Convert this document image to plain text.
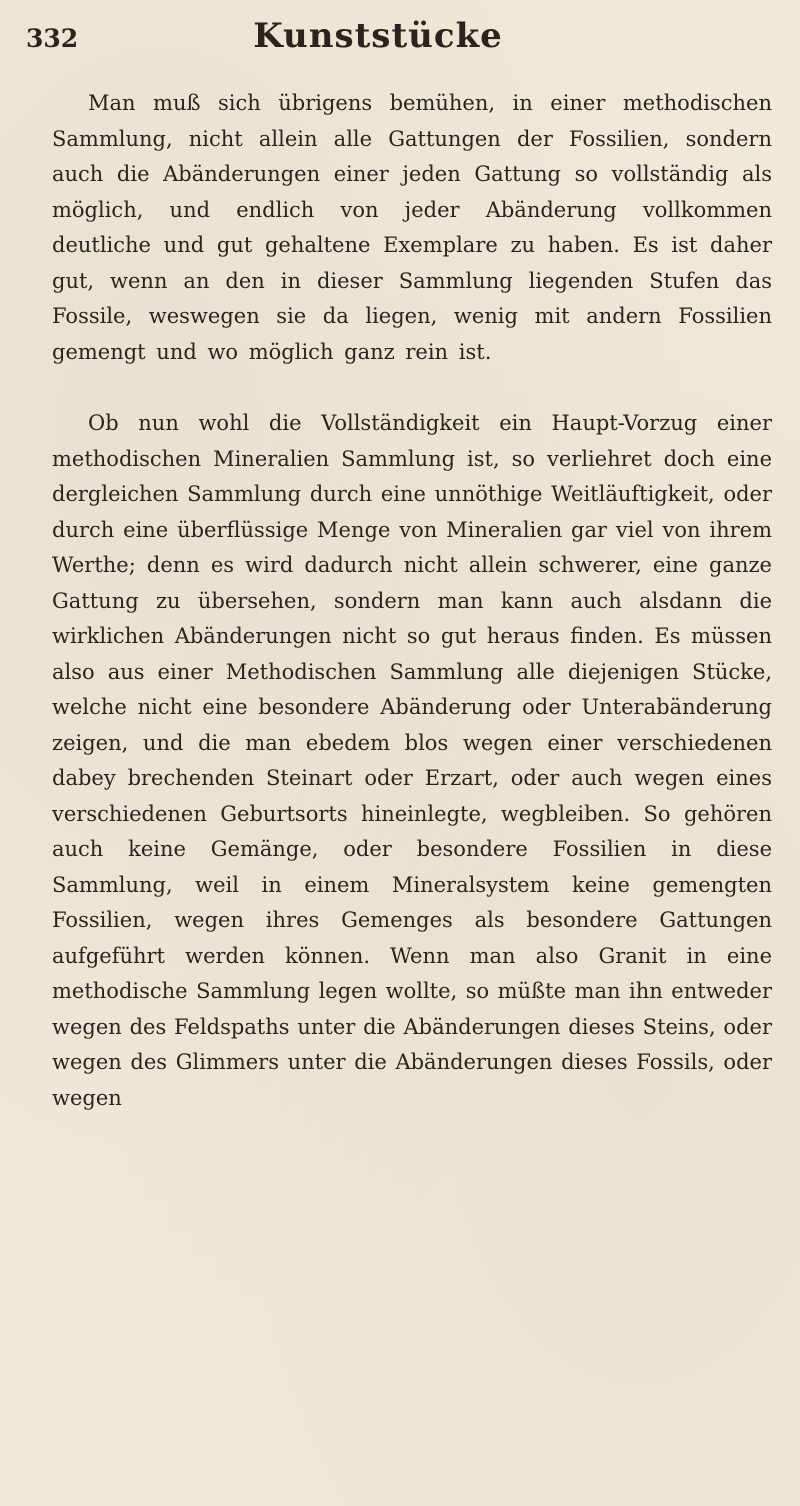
332	Kunststücke

Man muß sich übrigens bemühen, in einer methodischen Sammlung, nicht allein alle Gattungen der Fossilien, sondern auch die Abänderungen einer jeden Gattung so vollständig als möglich, und endlich von jeder Abänderung vollkommen deutliche und gut gehaltene Exemplare zu haben. Es ist daher gut, wenn an den in dieser Sammlung liegenden Stufen das Fossile, weswegen sie da liegen, wenig mit andern Fossilien gemengt und wo möglich ganz rein ist.

Ob nun wohl die Vollständigkeit ein Haupt-Vorzug einer methodischen Mineralien Sammlung ist, so verliehret doch eine dergleichen Sammlung durch eine unnöthige Weitläuftigkeit, oder durch eine überflüssige Menge von Mineralien gar viel von ihrem Werthe; denn es wird dadurch nicht allein schwerer, eine ganze Gattung zu übersehen, sondern man kann auch alsdann die wirklichen Abänderungen nicht so gut heraus finden. Es müssen also aus einer Methodischen Sammlung alle diejenigen Stücke, welche nicht eine besondere Abänderung oder Unterabänderung zeigen, und die man ebedem blos wegen einer verschiedenen dabey brechenden Steinart oder Erzart, oder auch wegen eines verschiedenen Geburtsorts hineinlegte, wegbleiben. So gehören auch keine Gemänge, oder besondere Fossilien in diese Sammlung, weil in einem Mineralsystem keine gemengten Fossilien, wegen ihres Gemenges als besondere Gattungen aufgeführt werden können. Wenn man also Granit in eine methodische Sammlung legen wollte, so müßte man ihn entweder wegen des Feldspaths unter die Abänderungen dieses Steins, oder wegen des Glimmers unter die Abänderungen dieses Fossils, oder wegen
